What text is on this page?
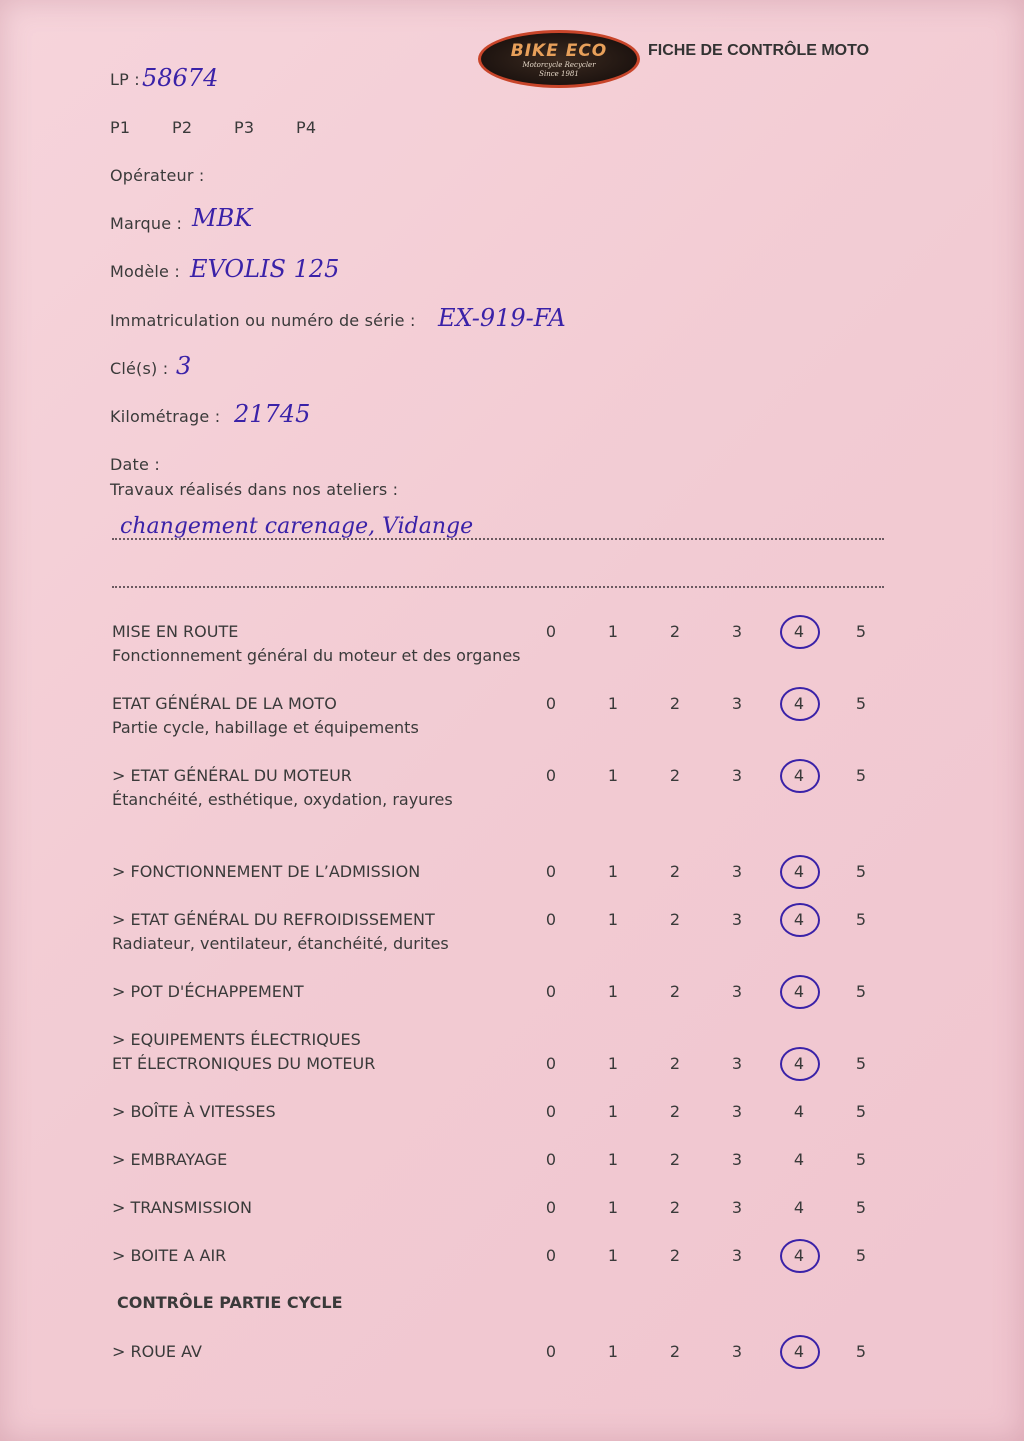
BIKE ECO
Motorcycle Recycler
Since 1981
FICHE DE CONTRÔLE MOTO
LP : 58674
P1	P2	P3	P4
Opérateur :
Marque : MBK
Modèle : EVOLIS 125
Immatriculation ou numéro de série : EX-919-FA
Clé(s) : 3
Kilométrage : 21745
Date :
Travaux réalisés dans nos ateliers :
changement carenage, Vidange
MISE EN ROUTE
Fonctionnement général du moteur et des organes
0	1	2	3	4	5
ETAT GÉNÉRAL DE LA MOTO
Partie cycle, habillage et équipements
0	1	2	3	4	5
> ETAT GÉNÉRAL DU MOTEUR
Étanchéité, esthétique, oxydation, rayures
0	1	2	3	4	5
> FONCTIONNEMENT DE L’ADMISSION	0	1	2	3	4	5
> ETAT GÉNÉRAL DU REFROIDISSEMENT
Radiateur, ventilateur, étanchéité, durites
0	1	2	3	4	5
> POT D'ÉCHAPPEMENT	0	1	2	3	4	5
> EQUIPEMENTS ÉLECTRIQUES
ET ÉLECTRONIQUES DU MOTEUR	0	1	2	3	4	5
> BOÎTE À VITESSES	0	1	2	3	4	5
> EMBRAYAGE	0	1	2	3	4	5
> TRANSMISSION	0	1	2	3	4	5
> BOITE A AIR	0	1	2	3	4	5
CONTRÔLE PARTIE CYCLE
> ROUE AV	0	1	2	3	4	5
